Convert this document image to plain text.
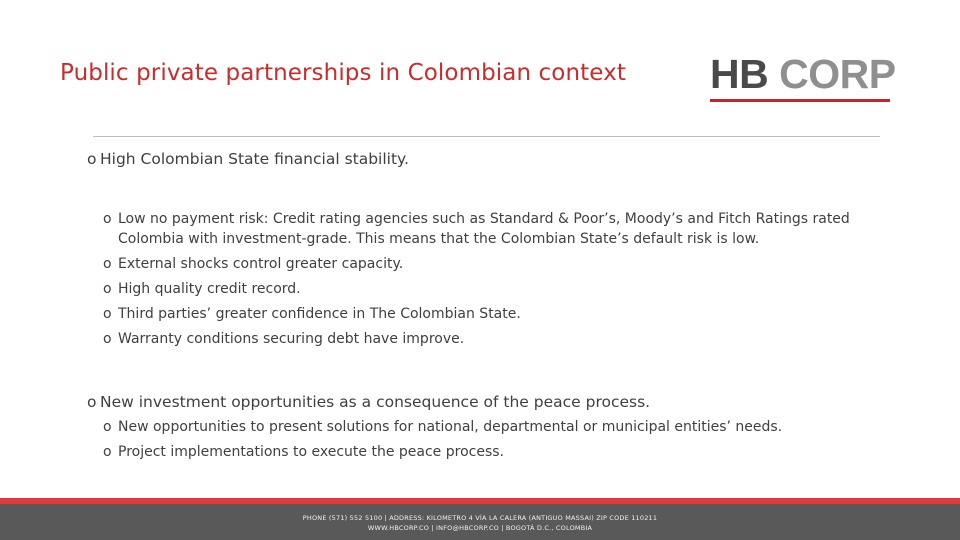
Public private partnerships in Colombian context HB CORP
o High Colombian State financial stability.
o Low no payment risk: Credit rating agencies such as Standard & Poor’s, Moody’s and Fitch Ratings rated Colombia with investment-grade. This means that the Colombian State’s default risk is low.
o External shocks control greater capacity.
o High quality credit record.
o Third parties’ greater confidence in The Colombian State.
o Warranty conditions securing debt have improve.
o New investment opportunities as a consequence of the peace process.
o New opportunities to present solutions for national, departmental or municipal entities’ needs.
o Project implementations to execute the peace process.
PHONE (571) 552 5100 | ADDRESS: KILOMETRO 4 VÍA LA CALERA (ANTIGUO MASSAI) ZIP CODE 110211
WWW.HBCORP.CO | INFO@HBCORP.CO | BOGOTÁ D.C., COLOMBIA
